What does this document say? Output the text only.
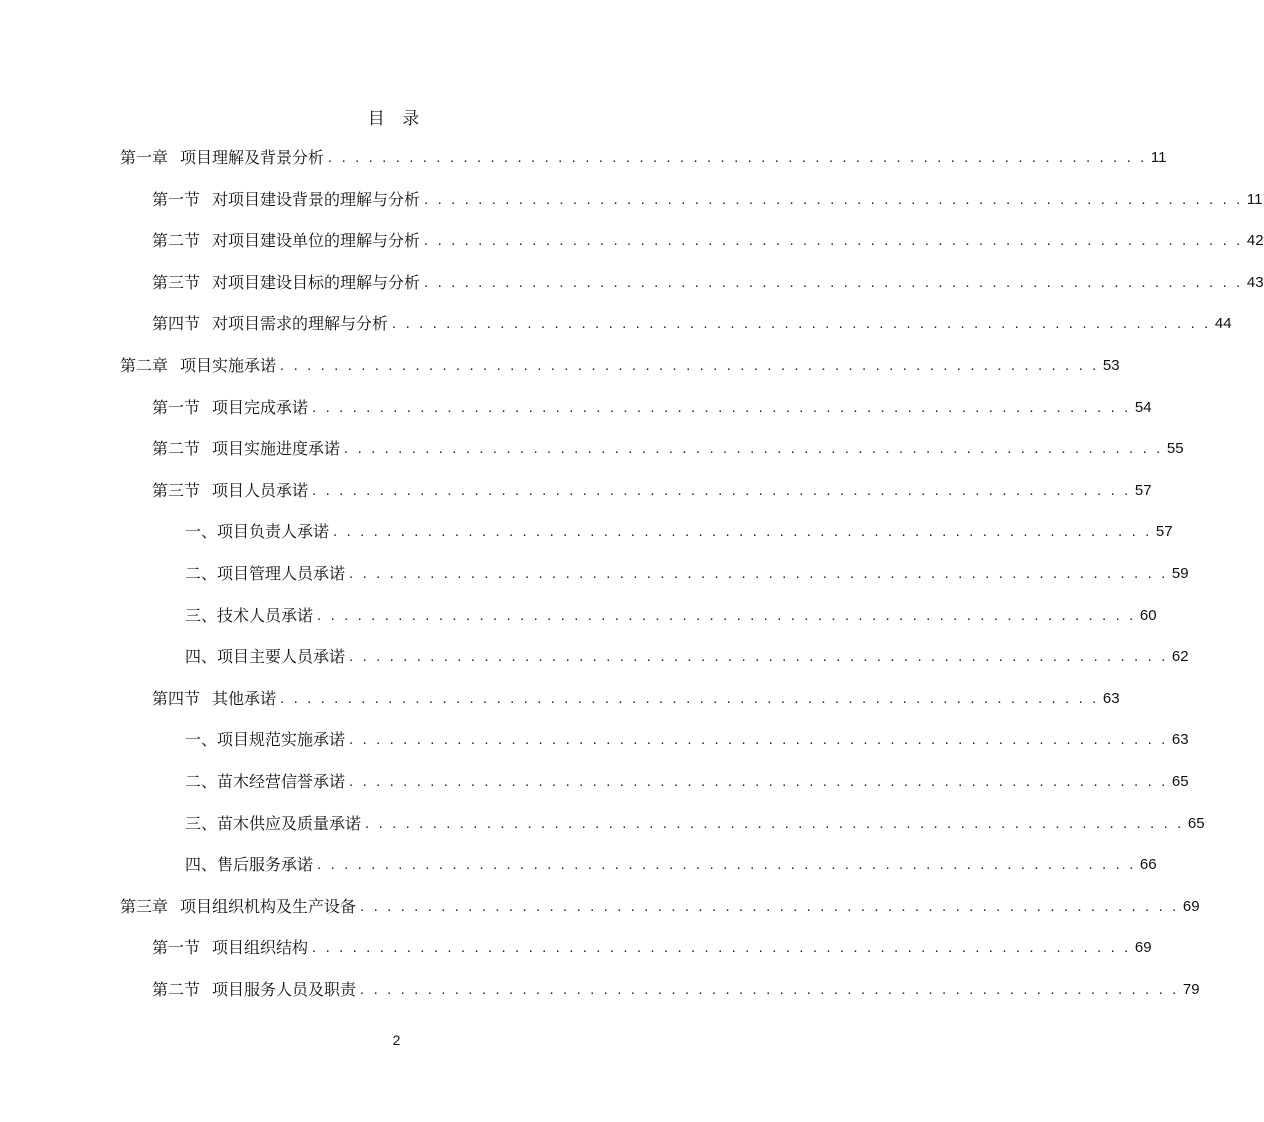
目 录
第一章 项目理解及背景分析 . . . . . . . . . . . . . . . . . . . . . . . . . . . . . . . . . . . . . . . . . . . . . . . . . . . . . . . . . . . . . 11
第一节 对项目建设背景的理解与分析 . . . . . . . . . . . . . . . . . . . . . . . . . . . . . . . . . . . . . . . . . . . . . . . . . . . . . . . . . . . . . 11
第二节 对项目建设单位的理解与分析 . . . . . . . . . . . . . . . . . . . . . . . . . . . . . . . . . . . . . . . . . . . . . . . . . . . . . . . . . . . . . 42
第三节 对项目建设目标的理解与分析 . . . . . . . . . . . . . . . . . . . . . . . . . . . . . . . . . . . . . . . . . . . . . . . . . . . . . . . . . . . . . 43
第四节 对项目需求的理解与分析 . . . . . . . . . . . . . . . . . . . . . . . . . . . . . . . . . . . . . . . . . . . . . . . . . . . . . . . . . . . . . 44
第二章 项目实施承诺 . . . . . . . . . . . . . . . . . . . . . . . . . . . . . . . . . . . . . . . . . . . . . . . . . . . . . . . . . . . . . 53
第一节 项目完成承诺 . . . . . . . . . . . . . . . . . . . . . . . . . . . . . . . . . . . . . . . . . . . . . . . . . . . . . . . . . . . . . 54
第二节 项目实施进度承诺 . . . . . . . . . . . . . . . . . . . . . . . . . . . . . . . . . . . . . . . . . . . . . . . . . . . . . . . . . . . . . 55
第三节 项目人员承诺 . . . . . . . . . . . . . . . . . . . . . . . . . . . . . . . . . . . . . . . . . . . . . . . . . . . . . . . . . . . . . 57
一、 项目负责人承诺 . . . . . . . . . . . . . . . . . . . . . . . . . . . . . . . . . . . . . . . . . . . . . . . . . . . . . . . . . . . . . 57
二、 项目管理人员承诺 . . . . . . . . . . . . . . . . . . . . . . . . . . . . . . . . . . . . . . . . . . . . . . . . . . . . . . . . . . . . . 59
三、 技术人员承诺 . . . . . . . . . . . . . . . . . . . . . . . . . . . . . . . . . . . . . . . . . . . . . . . . . . . . . . . . . . . . . 60
四、 项目主要人员承诺 . . . . . . . . . . . . . . . . . . . . . . . . . . . . . . . . . . . . . . . . . . . . . . . . . . . . . . . . . . . . . 62
第四节 其他承诺 . . . . . . . . . . . . . . . . . . . . . . . . . . . . . . . . . . . . . . . . . . . . . . . . . . . . . . . . . . . . . 63
一、 项目规范实施承诺 . . . . . . . . . . . . . . . . . . . . . . . . . . . . . . . . . . . . . . . . . . . . . . . . . . . . . . . . . . . . . 63
二、 苗木经营信誉承诺 . . . . . . . . . . . . . . . . . . . . . . . . . . . . . . . . . . . . . . . . . . . . . . . . . . . . . . . . . . . . . 65
三、 苗木供应及质量承诺 . . . . . . . . . . . . . . . . . . . . . . . . . . . . . . . . . . . . . . . . . . . . . . . . . . . . . . . . . . . . . 65
四、 售后服务承诺 . . . . . . . . . . . . . . . . . . . . . . . . . . . . . . . . . . . . . . . . . . . . . . . . . . . . . . . . . . . . . 66
第三章 项目组织机构及生产设备 . . . . . . . . . . . . . . . . . . . . . . . . . . . . . . . . . . . . . . . . . . . . . . . . . . . . . . . . . . . . . 69
第一节 项目组织结构 . . . . . . . . . . . . . . . . . . . . . . . . . . . . . . . . . . . . . . . . . . . . . . . . . . . . . . . . . . . . . 69
第二节 项目服务人员及职责 . . . . . . . . . . . . . . . . . . . . . . . . . . . . . . . . . . . . . . . . . . . . . . . . . . . . . . . . . . . . . 79
2
